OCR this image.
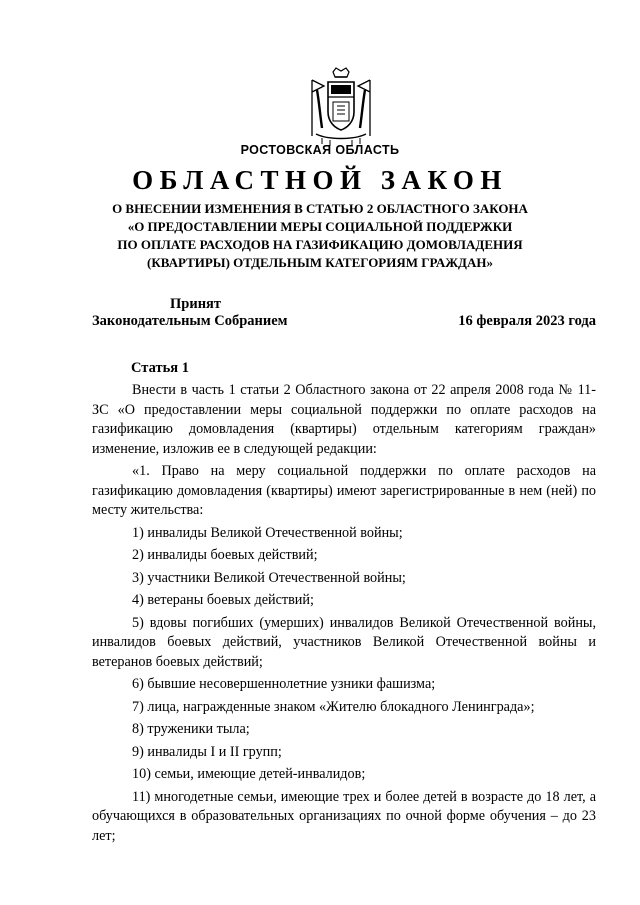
РОСТОВСКАЯ ОБЛАСТЬ
ОБЛАСТНОЙ ЗАКОН
О ВНЕСЕНИИ ИЗМЕНЕНИЯ В СТАТЬЮ 2 ОБЛАСТНОГО ЗАКОНА
«О ПРЕДОСТАВЛЕНИИ МЕРЫ СОЦИАЛЬНОЙ ПОДДЕРЖКИ
ПО ОПЛАТЕ РАСХОДОВ НА ГАЗИФИКАЦИЮ ДОМОВЛАДЕНИЯ
(КВАРТИРЫ) ОТДЕЛЬНЫМ КАТЕГОРИЯМ ГРАЖДАН»
Принят
Законодательным Собранием	16 февраля 2023 года
Статья 1

Внести в часть 1 статьи 2 Областного закона от 22 апреля 2008 года № 11-ЗС «О предоставлении меры социальной поддержки по оплате расходов на газификацию домовладения (квартиры) отдельным категориям граждан» изменение, изложив ее в следующей редакции:

«1. Право на меру социальной поддержки по оплате расходов на газификацию домовладения (квартиры) имеют зарегистрированные в нем (ней) по месту жительства:

1) инвалиды Великой Отечественной войны;

2) инвалиды боевых действий;

3) участники Великой Отечественной войны;

4) ветераны боевых действий;

5) вдовы погибших (умерших) инвалидов Великой Отечественной войны, инвалидов боевых действий, участников Великой Отечественной войны и ветеранов боевых действий;

6) бывшие несовершеннолетние узники фашизма;

7) лица, награжденные знаком «Жителю блокадного Ленинграда»;

8) труженики тыла;

9) инвалиды I и II групп;

10) семьи, имеющие детей-инвалидов;

11) многодетные семьи, имеющие трех и более детей в возрасте до 18 лет, а обучающихся в образовательных организациях по очной форме обучения – до 23 лет;
